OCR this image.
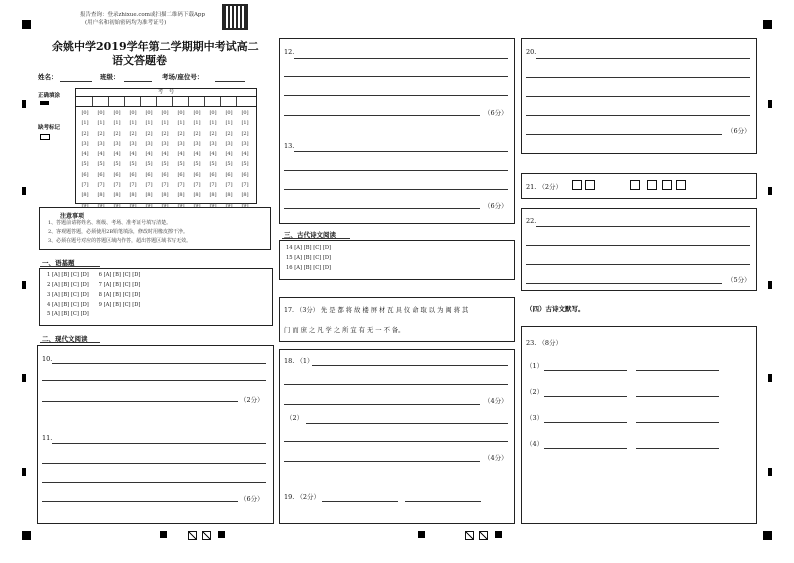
报告查询：登录zhixue.com或扫描二维码下载App
(用户名和初始密码均为准考证号)
余姚中学2019学年第二学期期中考试高二
语文答题卷
姓名：	班级：	考场/座位号：
正确填涂
缺考标记
考　号
[0]
[1]
[2]
[3]
[4]
[5]
[6]
[7]
[8]
[9]
[0]
[1]
[2]
[3]
[4]
[5]
[6]
[7]
[8]
[9]
[0]
[1]
[2]
[3]
[4]
[5]
[6]
[7]
[8]
[9]
[0]
[1]
[2]
[3]
[4]
[5]
[6]
[7]
[8]
[9]
[0]
[1]
[2]
[3]
[4]
[5]
[6]
[7]
[8]
[9]
[0]
[1]
[2]
[3]
[4]
[5]
[6]
[7]
[8]
[9]
[0]
[1]
[2]
[3]
[4]
[5]
[6]
[7]
[8]
[9]
[0]
[1]
[2]
[3]
[4]
[5]
[6]
[7]
[8]
[9]
[0]
[1]
[2]
[3]
[4]
[5]
[6]
[7]
[8]
[9]
[0]
[1]
[2]
[3]
[4]
[5]
[6]
[7]
[8]
[9]
[0]
[1]
[2]
[3]
[4]
[5]
[6]
[7]
[8]
[9]
注意事项
1、答题前请将姓名、班级、考场、准考证号填写清楚。
2、客观题答题，必须使用2B铅笔填涂，修改时用橡皮擦干净。
3、必须在题号对应的答题区域内作答，超出答题区域书写无效。
一、语基题
1 [A] [B] [C] [D]      6 [A] [B] [C] [D]
2 [A] [B] [C] [D]      7 [A] [B] [C] [D]
3 [A] [B] [C] [D]      8 [A] [B] [C] [D]
4 [A] [B] [C] [D]      9 [A] [B] [C] [D]
5 [A] [B] [C] [D]
二、现代文阅读
10.
（2分）
11.
（6分）
12.
（6分）
13.
（6分）
三、古代诗文阅读
14 [A] [B] [C] [D]
15 [A] [B] [C] [D]
16 [A] [B] [C] [D]
17. （3分） 先 是 都 将 故 楼 屏 材 瓦 具 仪 命 取 以 为 闽 蒋 其
门 而 庶 之 凡 学 之 所 宜 有 无 一 不 备。
18. （1）
（4分）
（2）
（4分）
19. （2分）
20.
（6分）
21. （2分）
22.
（5分）
（四）古诗文默写。
23. （8分）
（1）
（2）
（3）
（4）
